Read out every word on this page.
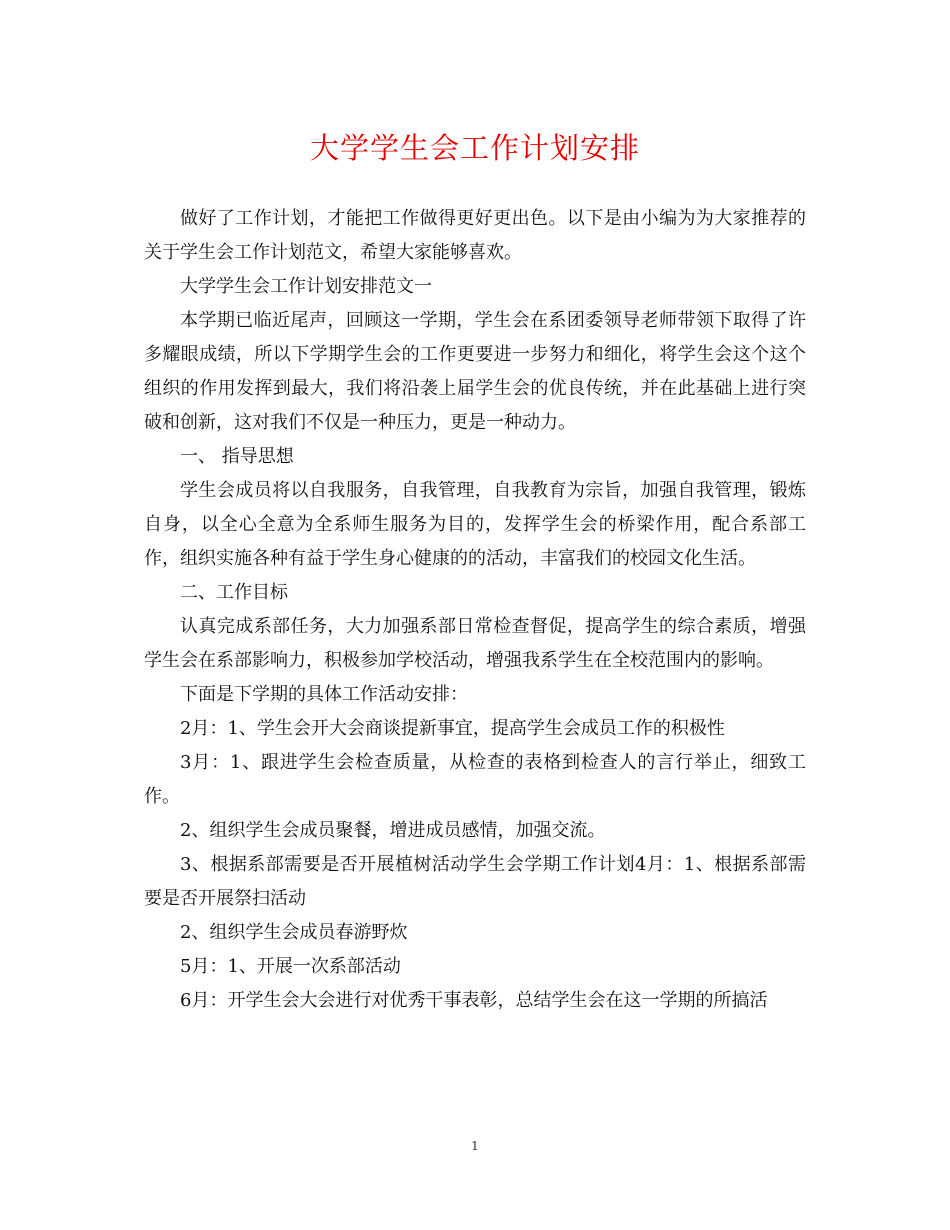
大学学生会工作计划安排

做好了工作计划，才能把工作做得更好更出色。以下是由小编为为大家推荐的关于学生会工作计划范文，希望大家能够喜欢。

大学学生会工作计划安排范文一

本学期已临近尾声，回顾这一学期，学生会在系团委领导老师带领下取得了许多耀眼成绩，所以下学期学生会的工作更要进一步努力和细化，将学生会这个这个组织的作用发挥到最大，我们将沿袭上届学生会的优良传统，并在此基础上进行突破和创新，这对我们不仅是一种压力，更是一种动力。

一、 指导思想

学生会成员将以自我服务，自我管理，自我教育为宗旨，加强自我管理，锻炼自身，以全心全意为全系师生服务为目的，发挥学生会的桥梁作用，配合系部工作，组织实施各种有益于学生身心健康的的活动，丰富我们的校园文化生活。

二、工作目标

认真完成系部任务，大力加强系部日常检查督促，提高学生的综合素质，增强学生会在系部影响力，积极参加学校活动，增强我系学生在全校范围内的影响。

下面是下学期的具体工作活动安排：

2月：1、学生会开大会商谈提新事宜，提高学生会成员工作的积极性

3月：1、跟进学生会检查质量，从检查的表格到检查人的言行举止，细致工作。

2、组织学生会成员聚餐，增进成员感情，加强交流。

3、根据系部需要是否开展植树活动学生会学期工作计划4月：1、根据系部需要是否开展祭扫活动

2、组织学生会成员春游野炊

5月：1、开展一次系部活动

6月：开学生会大会进行对优秀干事表彰，总结学生会在这一学期的所搞活

1
